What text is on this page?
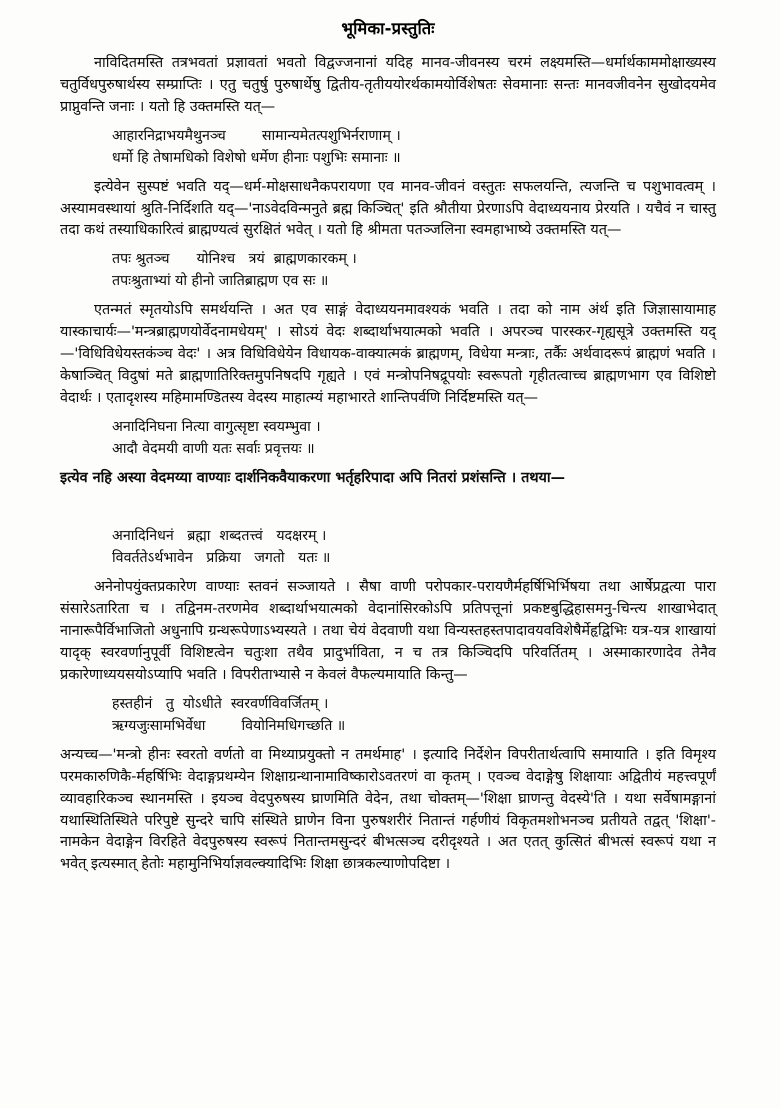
भूमिका-प्रस्तुतिः

नाविदितमस्ति तत्रभवतां प्रज्ञावतां भवतो विद्वज्जनानां यदिह मानव-जीवनस्य चरमं लक्ष्यमस्ति—धर्मार्थकाममोक्षाख्यस्य चतुर्विधपुरुषार्थस्य सम्प्राप्तिः । एतु चतुर्षु पुरुषार्थेषु द्वितीय-तृतीययोरर्थकामयोर्विशेषतः सेवमानाः सन्तः मानवजीवनेन सुखोदयमेव प्राप्नुवन्ति जनाः । यतो हि उक्तमस्ति यत्—

आहारनिद्राभयमैथुनञ्च        सामान्यमेतत्पशुभिर्नराणाम् ।
धर्मो हि तेषामधिको विशेषो धर्मेण हीनाः पशुभिः समानाः ॥

इत्येवेन सुस्पष्टं भवति यद्—धर्म-मोक्षसाधनैकपरायणा एव मानव-जीवनं वस्तुतः सफलयन्ति, त्यजन्ति च पशुभावत्वम् । अस्यामवस्थायां श्रुति-निर्दिशति यद्—'नाऽवेदविन्मनुते ब्रह्म किञ्चित्' इति श्रौतीया प्रेरणाऽपि वेदाध्ययनाय प्रेरयति । यचैवं न चास्तु तदा कथं तस्याधिकारित्वं ब्राह्मण्यत्वं सुरक्षितं भवेत् । यतो हि श्रीमता पतञ्जलिना स्वमहाभाष्ये उक्तमस्ति यत्—

तपः श्रुतञ्च      योनिश्च   त्रयं  ब्राह्मणकारकम् ।
तपःश्रुताभ्यां यो हीनो जातिब्राह्मण एव सः ॥

एतन्मतं स्मृतयोऽपि समर्थयन्ति । अत एव साङ्गं वेदाध्ययनमावश्यकं भवति । तदा को नाम अंर्थ इति जिज्ञासायामाह यास्काचार्यः—'मन्त्रब्राह्मणयोर्वेदनामधेयम्' । सोऽयं वेदः शब्दार्थाभयात्मको भवति । अपरञ्च पारस्कर-गृह्यसूत्रे उक्तमस्ति यद्—'विधिविधेयस्तकंञ्च वेदः' । अत्र विधिविधेयेन विधायक-वाक्यात्मकं ब्राह्मणम्, विधेया मन्त्राः, तर्कैः अर्थवादरूपं ब्राह्मणं भवति । केषाञ्चित् विदुषां मते ब्राह्मणातिरिक्तमुपनिषदपि गृह्यते । एवं मन्त्रोपनिषद्रूपयोः स्वरूपतो गृहीतत्वाच्च ब्राह्मणभाग एव विशिष्टो वेदार्थः । एतादृशस्य महिमामण्डितस्य वेदस्य माहात्म्यं महाभारते शान्तिपर्वणि निर्दिष्टमस्ति यत्—

अनादिनिघना नित्या वागुत्सृष्टा स्वयम्भुवा ।
आदौ वेदमयी वाणी यतः सर्वाः प्रवृत्तयः ॥

इत्येव नहि अस्या वेदमय्या वाण्याः दार्शनिकवैयाकरणा भर्तृहरिपादा अपि नितरां प्रशंसन्ति । तथया—

अनादिनिधनं   ब्रह्मा  शब्दतत्त्वं   यदक्षरम् ।
विवर्ततेऽर्थभावेन   प्रक्रिया   जगतो   यतः ॥

अनेनोपयुंक्तप्रकारेण वाण्याः स्तवनं सञ्जायते । सैषा वाणी परोपकार-परायणैर्महर्षिभिर्भिषया तथा आर्षेप्रद्वत्या पारा संसारेऽतारिता च । तद्विनम-तरणमेव शब्दार्थाभयात्मको वेदानांसिरकोऽपि प्रतिपत्तूनां प्रकष्टबुद्धिहासमनु-चिन्त्य शाखाभेदात् नानारूपैर्विभाजितो अधुनापि ग्रन्थरूपेणाऽभ्यस्यते । तथा चेयं वेदवाणी यथा विन्यस्तहस्तपादावयवविशेषैर्मेहृद्विभिः यत्र-यत्र शाखायां यादृक् स्वरवर्णानुपूर्वी विशिष्टत्वेन चतुःशा तथैव प्रादुर्भाविता, न च तत्र किञ्चिदपि परिवर्तितम् । अस्माकारणादेव तेनैव प्रकारेणाध्ययसयोऽप्यापि भवति । विपरीताभ्यासेे न केवलं वैफल्यमायाति किन्तु—

हस्तहीनं   तु  योऽधीते  स्वरवर्णविवर्जितम् ।
ऋग्यजुःसामभिर्वेधा        वियोनिमधिगच्छति ॥

अन्यच्च—'मन्त्रो हीनः स्वरतो वर्णतो वा मिथ्याप्रयुक्तो न तमर्थमाह' । इत्यादि निर्देशेन विपरीतार्थत्वापि समायाति । इति विमृश्य परमकारुणिकै-र्महर्षिभिः वेदाङ्गप्रथम्येन शिक्षाग्रन्थानामाविष्कारोऽवतरणं वा कृतम् । एवञ्च वेदाङ्गेषु शिक्षायाः अद्वितीयं महत्त्वपूर्णं व्यावहारिकञ्च स्थानमस्ति । इयञ्च वेदपुरुषस्य घ्राणमिति वेदेन, तथा चोक्तम्—'शिक्षा घ्राणन्तु वेदस्ये'ति । यथा सर्वेषामङ्गानां यथास्थितिस्थिते परिपुष्टे सुन्दरे चापि संस्थिते घ्राणेन विना पुरुषशरीरं नितान्तं गर्हणीयं विकृतमशोभनञ्च प्रतीयते तद्वत् 'शिक्षा'-नामकेन वेदाङ्गेन विरहिते वेदपुरुषस्य स्वरूपं नितान्तमसुन्दरं बीभत्सञ्च दरीदृश्यते । अत एतत् कुत्सितं बीभत्सं स्वरूपं यथा न भवेत् इत्यस्मात् हेतोः महामुनिभिर्याज्ञवल्क्यादिभिः शिक्षा छात्रकल्याणोपदिष्टा ।
